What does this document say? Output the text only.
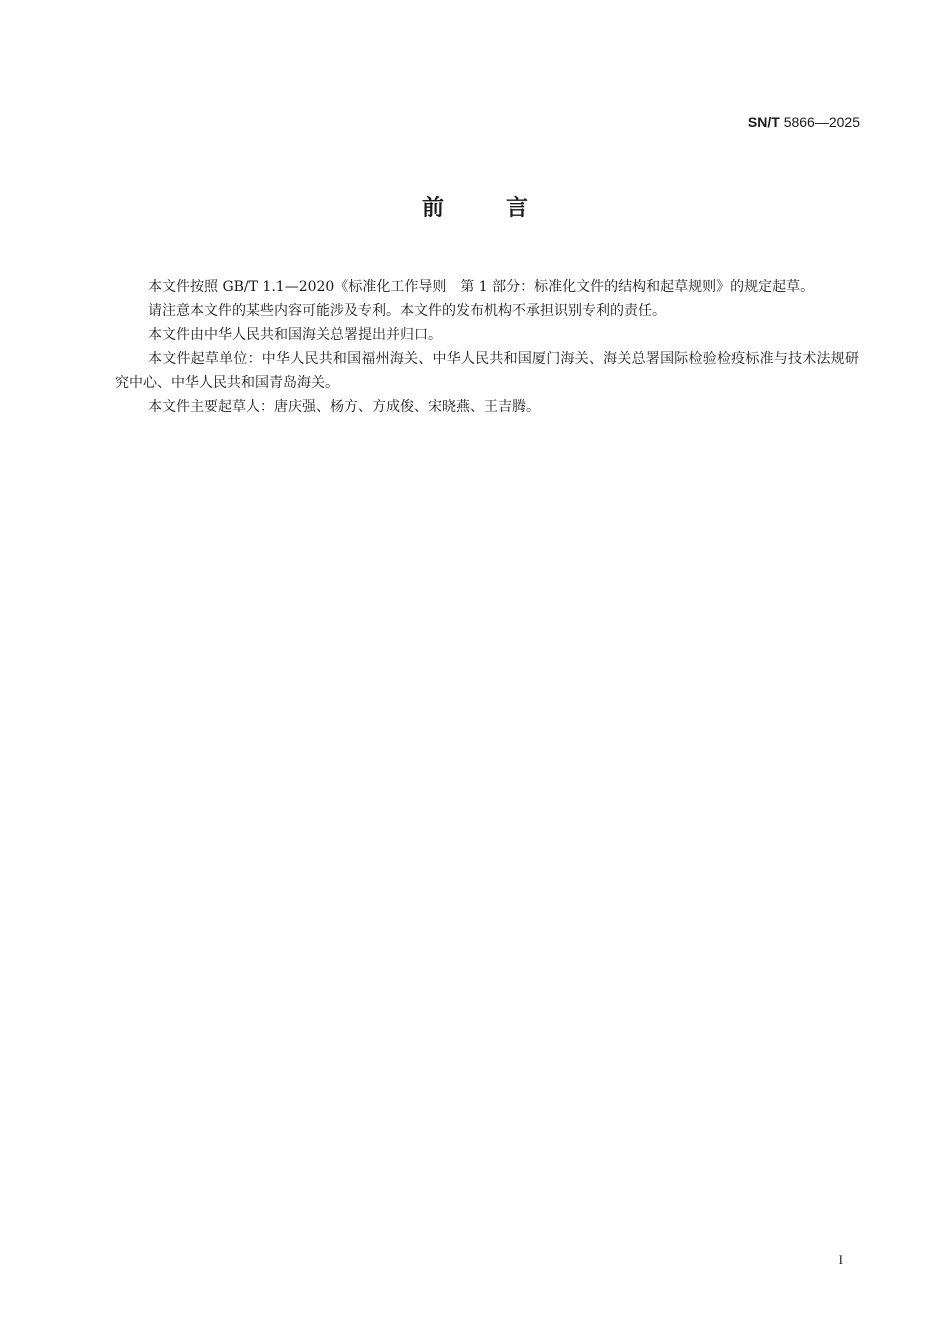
SN/T 5866—2025
前言

本文件按照 GB/T 1.1—2020《标准化工作导则　第 1 部分：标准化文件的结构和起草规则》的规定起草。

请注意本文件的某些内容可能涉及专利。本文件的发布机构不承担识别专利的责任。

本文件由中华人民共和国海关总署提出并归口。

本文件起草单位：中华人民共和国福州海关、中华人民共和国厦门海关、海关总署国际检验检疫标准与技术法规研究中心、中华人民共和国青岛海关。

本文件主要起草人：唐庆强、杨方、方成俊、宋晓燕、王吉腾。

I
